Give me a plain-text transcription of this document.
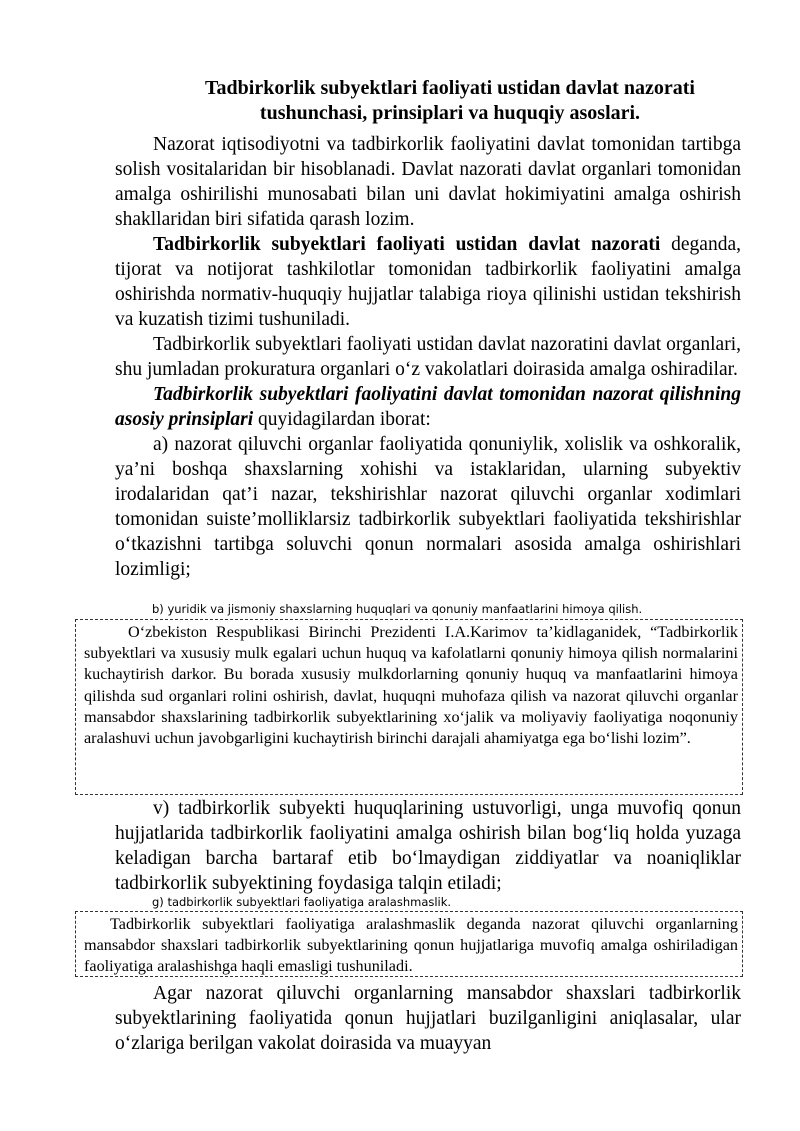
Tadbirkorlik subyektlari faoliyati ustidan davlat nazorati
tushunchasi, prinsiplari va huquqiy asoslari.

Nazorat iqtisodiyotni va tadbirkorlik faoliyatini davlat tomonidan tartibga solish vositalaridan bir hisoblanadi. Davlat nazorati davlat organlari tomonidan amalga oshirilishi munosabati bilan uni davlat hokimiyatini amalga oshirish shakllaridan biri sifatida qarash lozim.

Tadbirkorlik subyektlari faoliyati ustidan davlat nazorati deganda, tijorat va notijorat tashkilotlar tomonidan tadbirkorlik faoliyatini amalga oshirishda normativ-huquqiy hujjatlar talabiga rioya qilinishi ustidan tekshirish va kuzatish tizimi tushuniladi.

Tadbirkorlik subyektlari faoliyati ustidan davlat nazoratini davlat organlari, shu jumladan prokuratura organlari o‘z vakolatlari doirasida amalga oshiradilar.

Tadbirkorlik subyektlari faoliyatini davlat tomonidan nazorat qilishning asosiy prinsiplari quyidagilardan iborat:

a) nazorat qiluvchi organlar faoliyatida qonuniylik, xolislik va oshkoralik, ya’ni boshqa shaxslarning xohishi va istaklaridan, ularning subyektiv irodalaridan qat’i nazar, tekshirishlar nazorat qiluvchi organlar xodimlari tomonidan suiste’molliklarsiz tadbirkorlik subyektlari faoliyatida tekshirishlar o‘tkazishni tartibga soluvchi qonun normalari asosida amalga oshirishlari lozimligi;

b) yuridik va jismoniy shaxslarning huquqlari va qonuniy manfaatlarini himoya qilish.

O‘zbekiston Respublikasi Birinchi Prezidenti I.A.Karimov ta’kidlaganidek, “Tadbirkorlik subyektlari va xususiy mulk egalari uchun huquq va kafolatlarni qonuniy himoya qilish normalarini kuchaytirish darkor. Bu borada xususiy mulkdorlarning qonuniy huquq va manfaatlarini himoya qilishda sud organlari rolini oshirish, davlat, huquqni muhofaza qilish va nazorat qiluvchi organlar mansabdor shaxslarining tadbirkorlik subyektlarining xo‘jalik va moliyaviy faoliyatiga noqonuniy aralashuvi uchun javobgarligini kuchaytirish birinchi darajali ahamiyatga ega bo‘lishi lozim”.

v) tadbirkorlik subyekti huquqlarining ustuvorligi, unga muvofiq qonun hujjatlarida tadbirkorlik faoliyatini amalga oshirish bilan bog‘liq holda yuzaga keladigan barcha bartaraf etib bo‘lmaydigan ziddiyatlar va noaniqliklar tadbirkorlik subyektining foydasiga talqin etiladi;

g) tadbirkorlik subyektlari faoliyatiga aralashmaslik.

Tadbirkorlik subyektlari faoliyatiga aralashmaslik deganda nazorat qiluvchi organlarning mansabdor shaxslari tadbirkorlik subyektlarining qonun hujjatlariga muvofiq amalga oshiriladigan faoliyatiga aralashishga haqli emasligi tushuniladi.

Agar nazorat qiluvchi organlarning mansabdor shaxslari tadbirkorlik subyektlarining faoliyatida qonun hujjatlari buzilganligini aniqlasalar, ular o‘zlariga berilgan vakolat doirasida va muayyan
